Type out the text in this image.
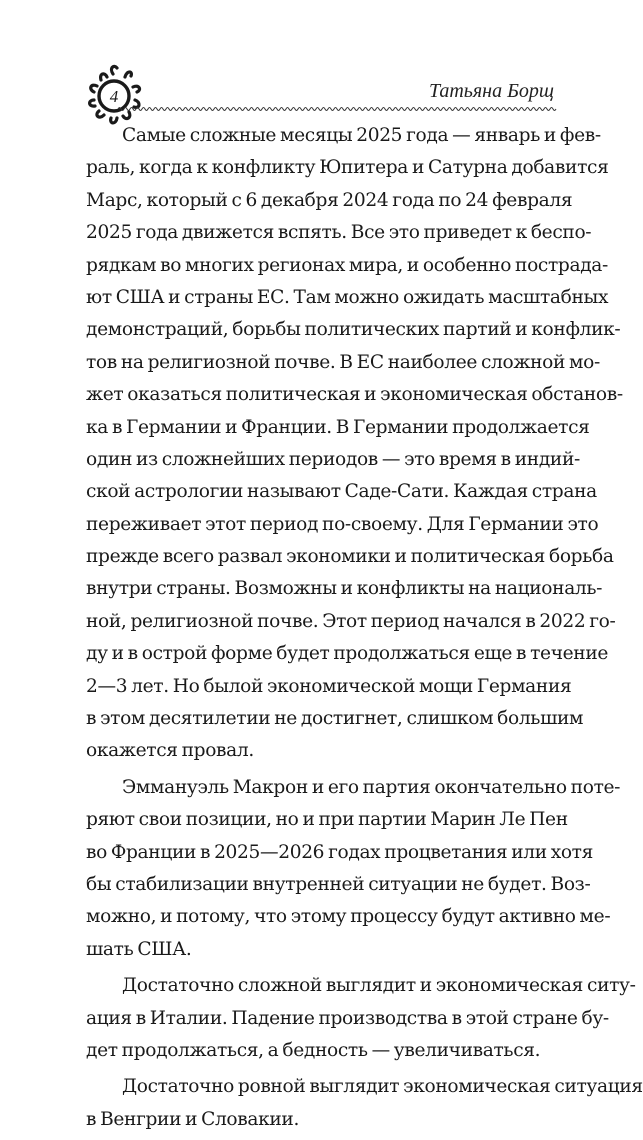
4	Татьяна Борщ
Самые сложные месяцы 2025 года — январь и фев-
раль, когда к конфликту Юпитера и Сатурна добавится
Марс, который с 6 декабря 2024 года по 24 февраля
2025 года движется вспять. Все это приведет к беспо-
рядкам во многих регионах мира, и особенно пострада-
ют США и страны ЕС. Там можно ожидать масштабных
демонстраций, борьбы политических партий и конфлик-
тов на религиозной почве. В ЕС наиболее сложной мо-
жет оказаться политическая и экономическая обстанов-
ка в Германии и Франции. В Германии продолжается
один из сложнейших периодов — это время в индий-
ской астрологии называют Саде-Сати. Каждая страна
переживает этот период по-своему. Для Германии это
прежде всего развал экономики и политическая борьба
внутри страны. Возможны и конфликты на националь-
ной, религиозной почве. Этот период начался в 2022 го-
ду и в острой форме будет продолжаться еще в течение
2—3 лет. Но былой экономической мощи Германия
в этом десятилетии не достигнет, слишком большим
окажется провал.
Эммануэль Макрон и его партия окончательно поте-
ряют свои позиции, но и при партии Марин Ле Пен
во Франции в 2025—2026 годах процветания или хотя
бы стабилизации внутренней ситуации не будет. Воз-
можно, и потому, что этому процессу будут активно ме-
шать США.
Достаточно сложной выглядит и экономическая ситу-
ация в Италии. Падение производства в этой стране бу-
дет продолжаться, а бедность — увеличиваться.
Достаточно ровной выглядит экономическая ситуация
в Венгрии и Словакии.
